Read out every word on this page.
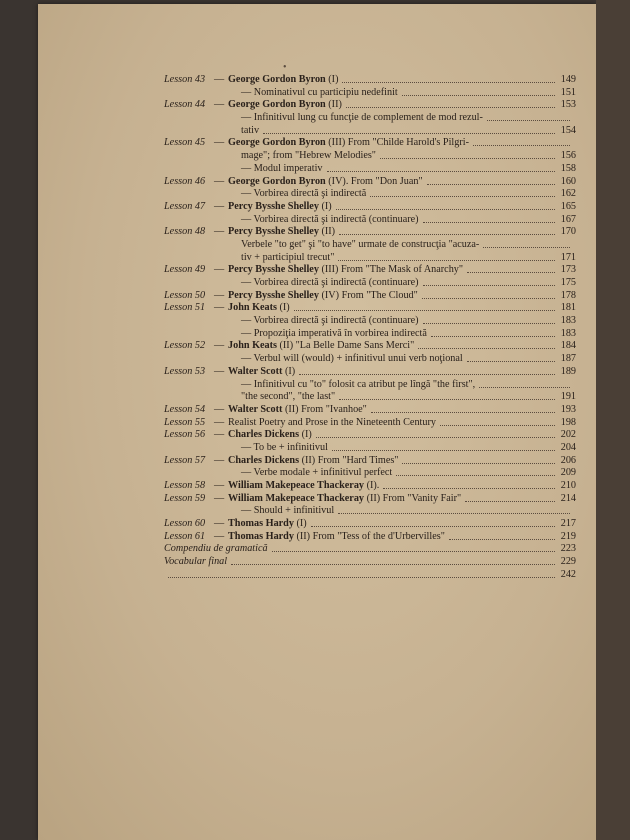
•
Lesson 43 — George Gordon Byron (I)	149
— Nominativul cu participiu nedefinit	151
Lesson 44 — George Gordon Byron (II)	153
— Infinitivul lung cu funcţie de complement de mod rezul-
tativ	154
Lesson 45 — George Gordon Byron (III) From "Childe Harold's Pilgri-
mage"; from "Hebrew Melodies"	156
— Modul imperativ	158
Lesson 46 — George Gordon Byron (IV). From "Don Juan"	160
— Vorbirea directă şi indirectă	162
Lesson 47 — Percy Bysshe Shelley (I)	165
— Vorbirea directă şi indirectă (continuare)	167
Lesson 48 — Percy Bysshe Shelley (II)	170
Verbele "to get" şi "to have" urmate de construcţia "acuza-
tiv + participiul trecut"	171
Lesson 49 — Percy Bysshe Shelley (III) From "The Mask of Anarchy"	173
— Vorbirea directă şi indirectă (continuare)	175
Lesson 50 — Percy Bysshe Shelley (IV) From "The Cloud"	178
Lesson 51 — John Keats (I)	181
— Vorbirea directă şi indirectă (continuare)	183
— Propoziţia imperativă în vorbirea indirectă	183
Lesson 52 — John Keats (II) "La Belle Dame Sans Merci"	184
— Verbul will (would) + infinitivul unui verb noţional	187
Lesson 53 — Walter Scott (I)	189
— Infinitivul cu "to" folosit ca atribut pe lîngă "the first",
"the second", "the last"	191
Lesson 54 — Walter Scott (II) From "Ivanhoe"	193
Lesson 55 — Realist Poetry and Prose in the Nineteenth Century	198
Lesson 56 — Charles Dickens (I)	202
— To be + infinitivul	204
Lesson 57 — Charles Dickens (II) From "Hard Times"	206
— Verbe modale + infinitivul perfect	209
Lesson 58 — William Makepeace Thackeray (I).	210
Lesson 59 — William Makepeace Thackeray (II) From "Vanity Fair"	214
— Should + infinitivul
Lesson 60 — Thomas Hardy (I)	217
Lesson 61 — Thomas Hardy (II) From "Tess of the d'Urbervilles"	219
Compendiu de gramatică	223
Vocabular final	229
242
